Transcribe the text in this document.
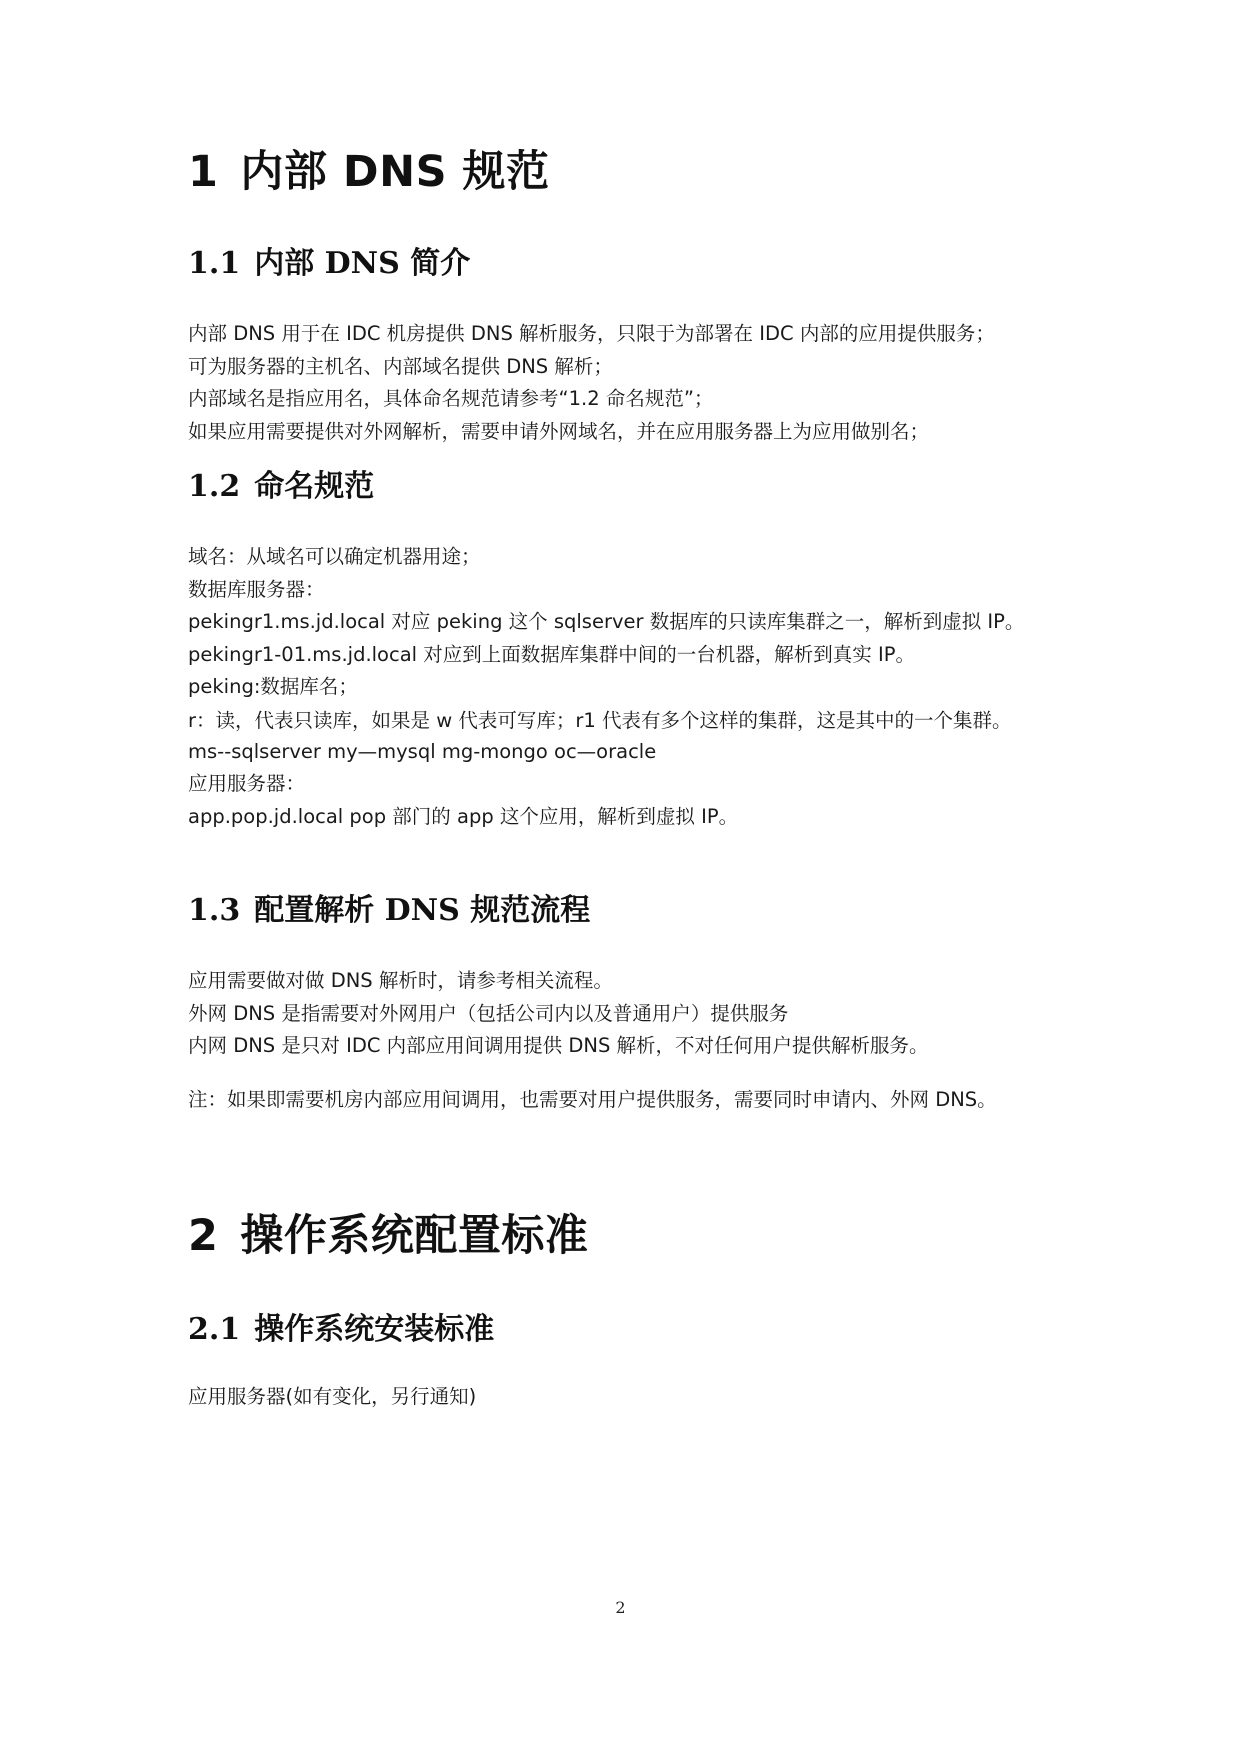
1 内部 DNS 规范
1.1 内部 DNS 简介
内部 DNS 用于在 IDC 机房提供 DNS 解析服务，只限于为部署在 IDC 内部的应用提供服务；
可为服务器的主机名、内部域名提供 DNS 解析；
内部域名是指应用名，具体命名规范请参考“1.2 命名规范”；
如果应用需要提供对外网解析，需要申请外网域名，并在应用服务器上为应用做别名；
1.2 命名规范
域名：从域名可以确定机器用途；
数据库服务器：
pekingr1.ms.jd.local 对应 peking 这个 sqlserver 数据库的只读库集群之一，解析到虚拟 IP。
pekingr1-01.ms.jd.local 对应到上面数据库集群中间的一台机器，解析到真实 IP。
peking:数据库名；
r：读，代表只读库，如果是 w 代表可写库；r1 代表有多个这样的集群，这是其中的一个集群。
ms--sqlserver my—mysql mg-mongo oc—oracle
应用服务器：
app.pop.jd.local pop 部门的 app 这个应用，解析到虚拟 IP。
1.3 配置解析 DNS 规范流程
应用需要做对做 DNS 解析时，请参考相关流程。
外网 DNS 是指需要对外网用户（包括公司内以及普通用户）提供服务
内网 DNS 是只对 IDC 内部应用间调用提供 DNS 解析，不对任何用户提供解析服务。
注：如果即需要机房内部应用间调用，也需要对用户提供服务，需要同时申请内、外网 DNS。
2 操作系统配置标准
2.1 操作系统安装标准
应用服务器(如有变化，另行通知)
2
